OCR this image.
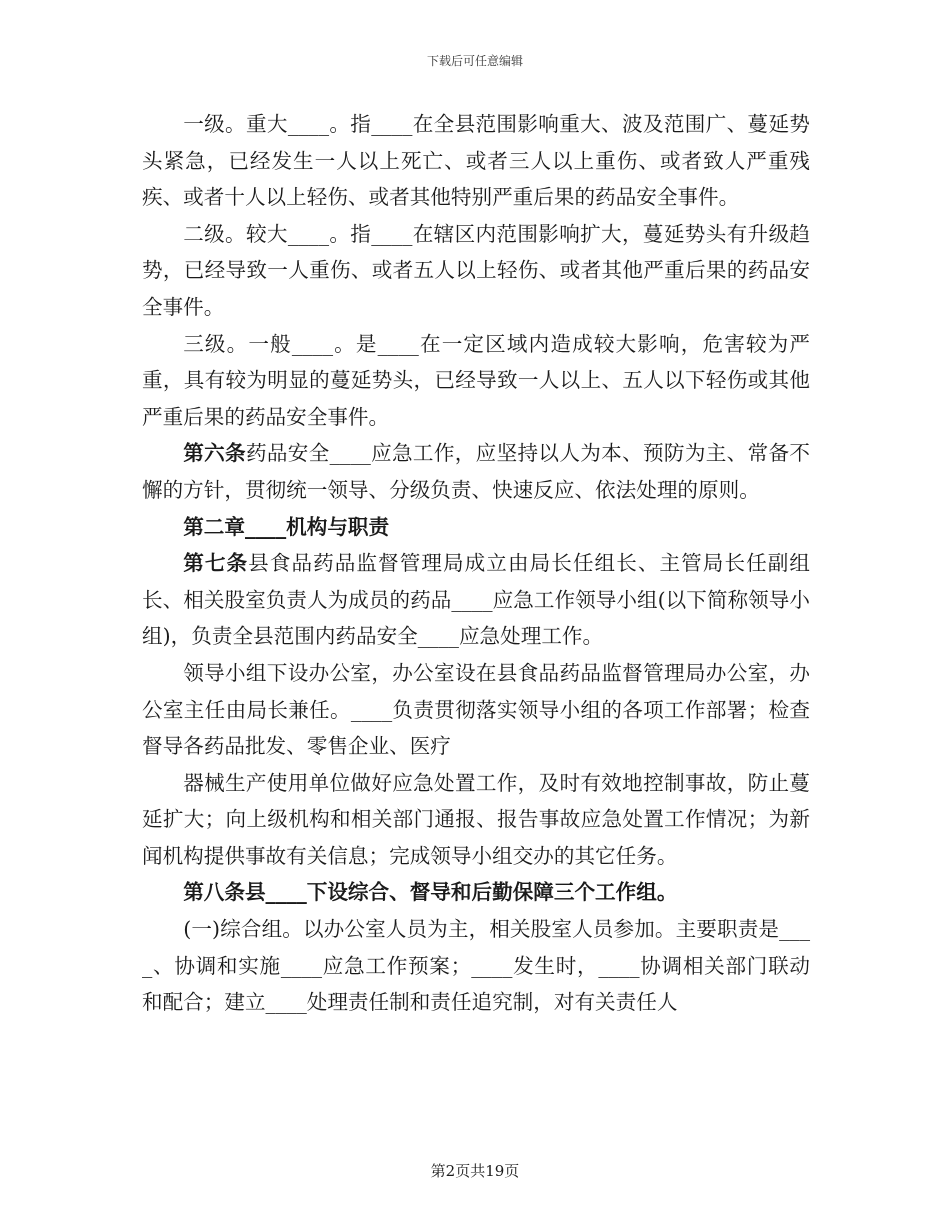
下载后可任意编辑

一级。重大____。指____在全县范围影响重大、波及范围广、蔓延势头紧急，已经发生一人以上死亡、或者三人以上重伤、或者致人严重残疾、或者十人以上轻伤、或者其他特别严重后果的药品安全事件。

二级。较大____。指____在辖区内范围影响扩大，蔓延势头有升级趋势，已经导致一人重伤、或者五人以上轻伤、或者其他严重后果的药品安全事件。

三级。一般____。是____在一定区域内造成较大影响，危害较为严重，具有较为明显的蔓延势头，已经导致一人以上、五人以下轻伤或其他严重后果的药品安全事件。

第六条药品安全____应急工作，应坚持以人为本、预防为主、常备不懈的方针，贯彻统一领导、分级负责、快速反应、依法处理的原则。

第二章____机构与职责

第七条县食品药品监督管理局成立由局长任组长、主管局长任副组长、相关股室负责人为成员的药品____应急工作领导小组(以下简称领导小组)，负责全县范围内药品安全____应急处理工作。

领导小组下设办公室，办公室设在县食品药品监督管理局办公室，办公室主任由局长兼任。____负责贯彻落实领导小组的各项工作部署；检查督导各药品批发、零售企业、医疗

器械生产使用单位做好应急处置工作，及时有效地控制事故，防止蔓延扩大；向上级机构和相关部门通报、报告事故应急处置工作情况；为新闻机构提供事故有关信息；完成领导小组交办的其它任务。

第八条县____下设综合、督导和后勤保障三个工作组。

(一)综合组。以办公室人员为主，相关股室人员参加。主要职责是____、协调和实施____应急工作预案；____发生时，____协调相关部门联动和配合；建立____处理责任制和责任追究制，对有关责任人

第2页共19页
